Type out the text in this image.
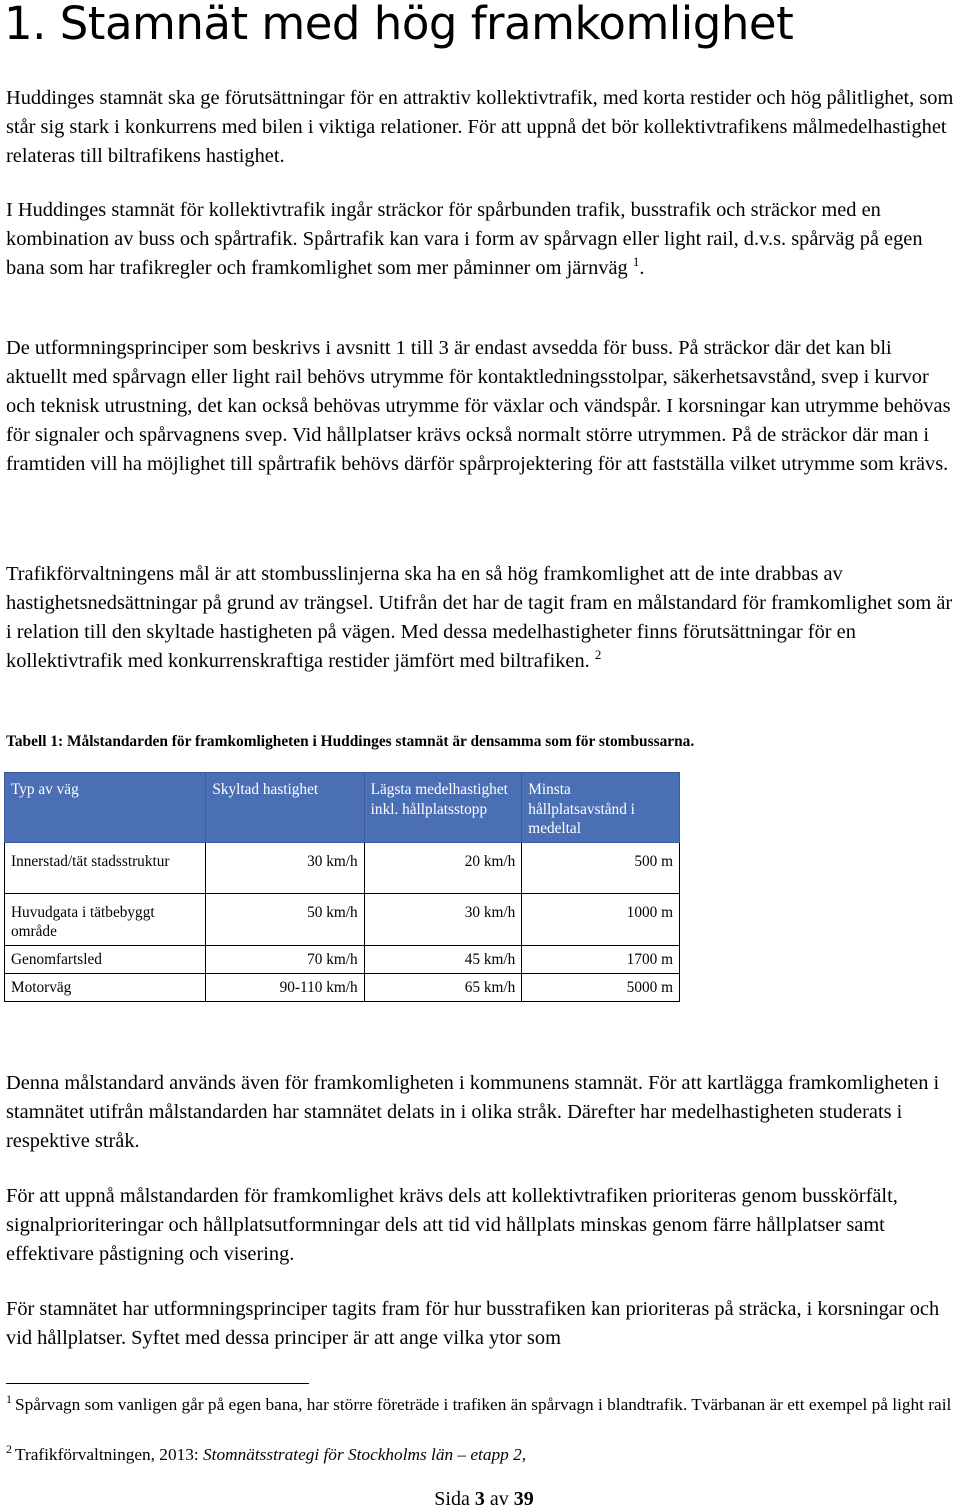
1. Stamnät med hög framkomlighet

Huddinges stamnät ska ge förutsättningar för en attraktiv kollektivtrafik, med korta restider och hög pålitlighet, som står sig stark i konkurrens med bilen i viktiga relationer. För att uppnå det bör kollektivtrafikens målmedelhastighet relateras till biltrafikens hastighet.

I Huddinges stamnät för kollektivtrafik ingår sträckor för spårbunden trafik, busstrafik och sträckor med en kombination av buss och spårtrafik. Spårtrafik kan vara i form av spårvagn eller light rail, d.v.s. spårväg på egen bana som har trafikregler och framkomlighet som mer påminner om järnväg $^1$.

De utformningsprinciper som beskrivs i avsnitt 1 till 3 är endast avsedda för buss. På sträckor där det kan bli aktuellt med spårvagn eller light rail behövs utrymme för kontaktledningsstolpar, säkerhetsavstånd, svep i kurvor och teknisk utrustning, det kan också behövas utrymme för växlar och vändspår. I korsningar kan utrymme behövas för signaler och spårvagnens svep. Vid hållplatser krävs också normalt större utrymmen. På de sträckor där man i framtiden vill ha möjlighet till spårtrafik behövs därför spårprojektering för att fastställa vilket utrymme som krävs.

Trafikförvaltningens mål är att stombusslinjerna ska ha en så hög framkomlighet att de inte drabbas av hastighetsnedsättningar på grund av trängsel. Utifrån det har de tagit fram en målstandard för framkomlighet som är i relation till den skyltade hastigheten på vägen. Med dessa medelhastigheter finns förutsättningar för en kollektivtrafik med konkurrenskraftiga restider jämfört med biltrafiken. $^2$

Tabell 1: Målstandarden för framkomligheten i Huddinges stamnät är densamma som för stombussarna.

Typ av väg	Skyltad hastighet	Lägsta medelhastighet inkl. hållplatsstopp	Minsta hållplatsavstånd i medeltal
Innerstad/tät stadsstruktur	30 km/h	20 km/h	500 m
Huvudgata i tätbebyggt område	50 km/h	30 km/h	1000 m
Genomfartsled	70 km/h	45 km/h	1700 m
Motorväg	90-110 km/h	65 km/h	5000 m

Denna målstandard används även för framkomligheten i kommunens stamnät. För att kartlägga framkomligheten i stamnätet utifrån målstandarden har stamnätet delats in i olika stråk. Därefter har medelhastigheten studerats i respektive stråk.

För att uppnå målstandarden för framkomlighet krävs dels att kollektivtrafiken prioriteras genom busskörfält, signalprioriteringar och hållplatsutformningar dels att tid vid hållplats minskas genom färre hållplatser samt effektivare påstigning och visering.

För stamnätet har utformningsprinciper tagits fram för hur busstrafiken kan prioriteras på sträcka, i korsningar och vid hållplatser. Syftet med dessa principer är att ange vilka ytor som

$^1$ Spårvagn som vanligen går på egen bana, har större företräde i trafiken än spårvagn i blandtrafik. Tvärbanan är ett exempel på light rail

$^2$ Trafikförvaltningen, 2013: Stomnätsstrategi för Stockholms län – etapp 2,

Sida 3 av 39
